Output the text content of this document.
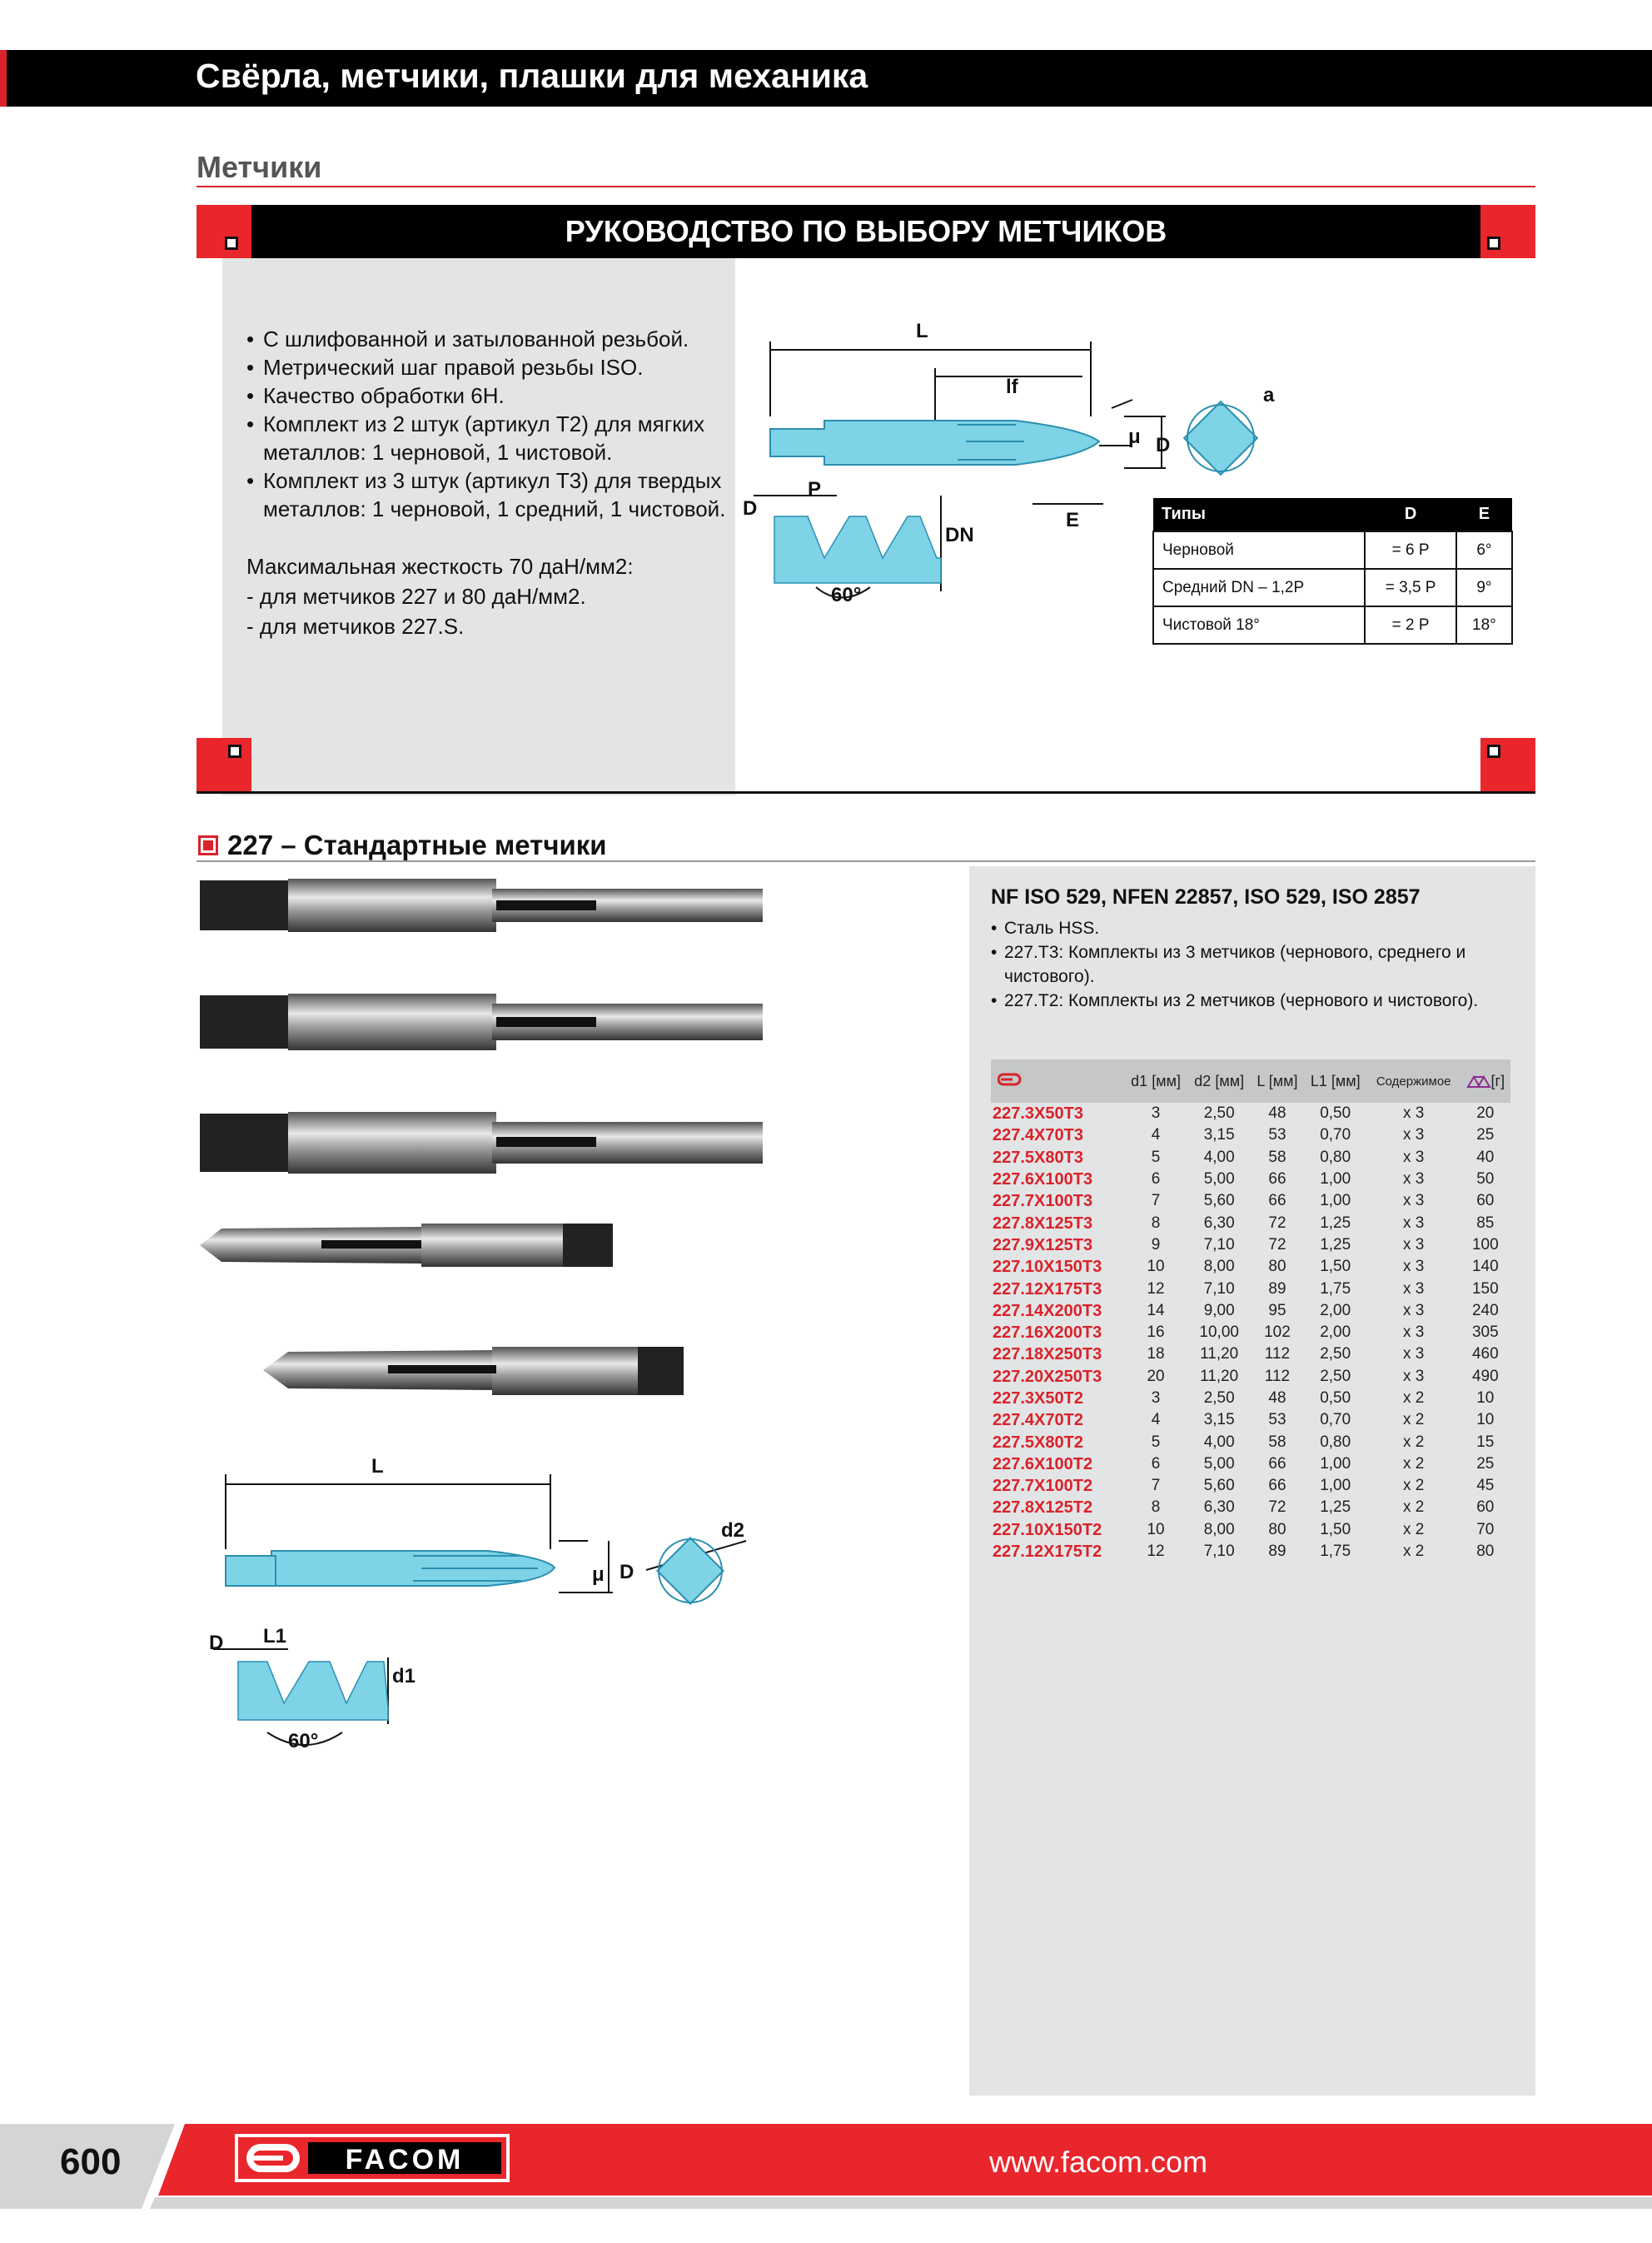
Свёрла, метчики, плашки для механика
Метчики
РУКОВОДСТВО ПО ВЫБОРУ МЕТЧИКОВ
• С шлифованной и затылованной резьбой.
• Метрический шаг правой резьбы ISO.
• Качество обработки 6H.
• Комплект из 2 штук (артикул T2) для мягких металлов: 1 черновой, 1 чистовой.
• Комплект из 3 штук (артикул T3) для твердых металлов: 1 черновой, 1 средний, 1 чистовой.
Максимальная жесткость 70 даН/мм2:
- для метчиков 227 и 80 даН/мм2.
- для метчиков 227.S.
L
lf	a
μ D
E
P
DN
D
60°
Типы	D	E
Черновой	= 6 P	6°
Средний DN – 1,2P	= 3,5 P	9°
Чистовой 18°	= 2 P	18°
227 – Стандартные метчики
L
μ D
d2
L1
d1
D
60°
NF ISO 529, NFEN 22857, ISO 529, ISO 2857
• Сталь HSS.
• 227.T3: Комплекты из 3 метчиков (чернового, среднего и чистового).
• 227.T2: Комплекты из 2 метчиков (чернового и чистового).
	d1 [мм]	d2 [мм]	L [мм]	L1 [мм]	Содержимое	[г]
227.3X50T3	3	2,50	48	0,50	x 3	20
227.4X70T3	4	3,15	53	0,70	x 3	25
227.5X80T3	5	4,00	58	0,80	x 3	40
227.6X100T3	6	5,00	66	1,00	x 3	50
227.7X100T3	7	5,60	66	1,00	x 3	60
227.8X125T3	8	6,30	72	1,25	x 3	85
227.9X125T3	9	7,10	72	1,25	x 3	100
227.10X150T3	10	8,00	80	1,50	x 3	140
227.12X175T3	12	7,10	89	1,75	x 3	150
227.14X200T3	14	9,00	95	2,00	x 3	240
227.16X200T3	16	10,00	102	2,00	x 3	305
227.18X250T3	18	11,20	112	2,50	x 3	460
227.20X250T3	20	11,20	112	2,50	x 3	490
227.3X50T2	3	2,50	48	0,50	x 2	10
227.4X70T2	4	3,15	53	0,70	x 2	10
227.5X80T2	5	4,00	58	0,80	x 2	15
227.6X100T2	6	5,00	66	1,00	x 2	25
227.7X100T2	7	5,60	66	1,00	x 2	45
227.8X125T2	8	6,30	72	1,25	x 2	60
227.10X150T2	10	8,00	80	1,50	x 2	70
227.12X175T2	12	7,10	89	1,75	x 2	80
600	FACOM	www.facom.com
